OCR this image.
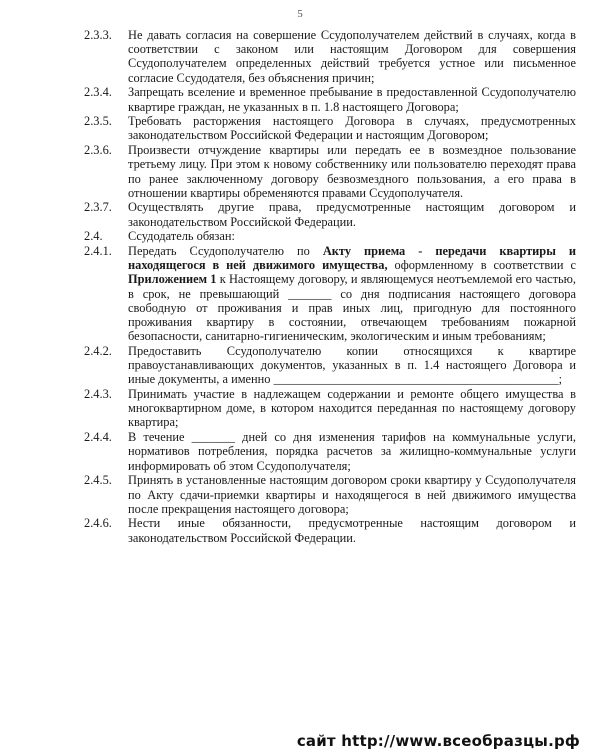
5
2.3.3.	Не давать согласия на совершение Ссудополучателем действий в случаях, когда в соответствии с законом или настоящим Договором для совершения Ссудополучателем определенных действий требуется устное или письменное согласие Ссудодателя, без объяснения причин;
2.3.4.	Запрещать вселение и временное пребывание в предоставленной Ссудополучателю квартире граждан, не указанных в п. 1.8 настоящего Договора;
2.3.5.	Требовать расторжения настоящего Договора в случаях, предусмотренных законодательством Российской Федерации и настоящим Договором;
2.3.6.	Произвести отчуждение квартиры или передать ее в возмездное пользование третьему лицу. При этом к новому собственнику или пользователю переходят права по ранее заключенному договору безвозмездного пользования, а его права в отношении квартиры обременяются правами Ссудополучателя.
2.3.7.	Осуществлять другие права, предусмотренные настоящим договором и законодательством Российской Федерации.
2.4.	Ссудодатель обязан:
2.4.1.	Передать Ссудополучателю по Акту приема - передачи квартиры и находящегося в ней движимого имущества, оформленному в соответствии с Приложением 1 к Настоящему договору, и являющемуся неотъемлемой его частью, в срок, не превышающий _______ со дня подписания настоящего договора свободную от проживания и прав иных лиц, пригодную для постоянного проживания квартиру в состоянии, отвечающем требованиям пожарной безопасности, санитарно-гигиеническим, экологическим и иным требованиям;
2.4.2.	Предоставить Ссудополучателю копии относящихся к квартире правоустанавливающих документов, указанных в п. 1.4 настоящего Договора и иные документы, а именно ______________________________________________;
2.4.3.	Принимать участие в надлежащем содержании и ремонте общего имущества в многоквартирном доме, в котором находится переданная по настоящему договору квартира;
2.4.4.	В течение _______ дней со дня изменения тарифов на коммунальные услуги, нормативов потребления, порядка расчетов за жилищно-коммунальные услуги информировать об этом Ссудополучателя;
2.4.5.	Принять в установленные настоящим договором сроки квартиру у Ссудополучателя по Акту сдачи-приемки квартиры и находящегося в ней движимого имущества после прекращения настоящего договора;
2.4.6.	Нести иные обязанности, предусмотренные настоящим договором и законодательством Российской Федерации.
сайт http://www.всеобразцы.рф
